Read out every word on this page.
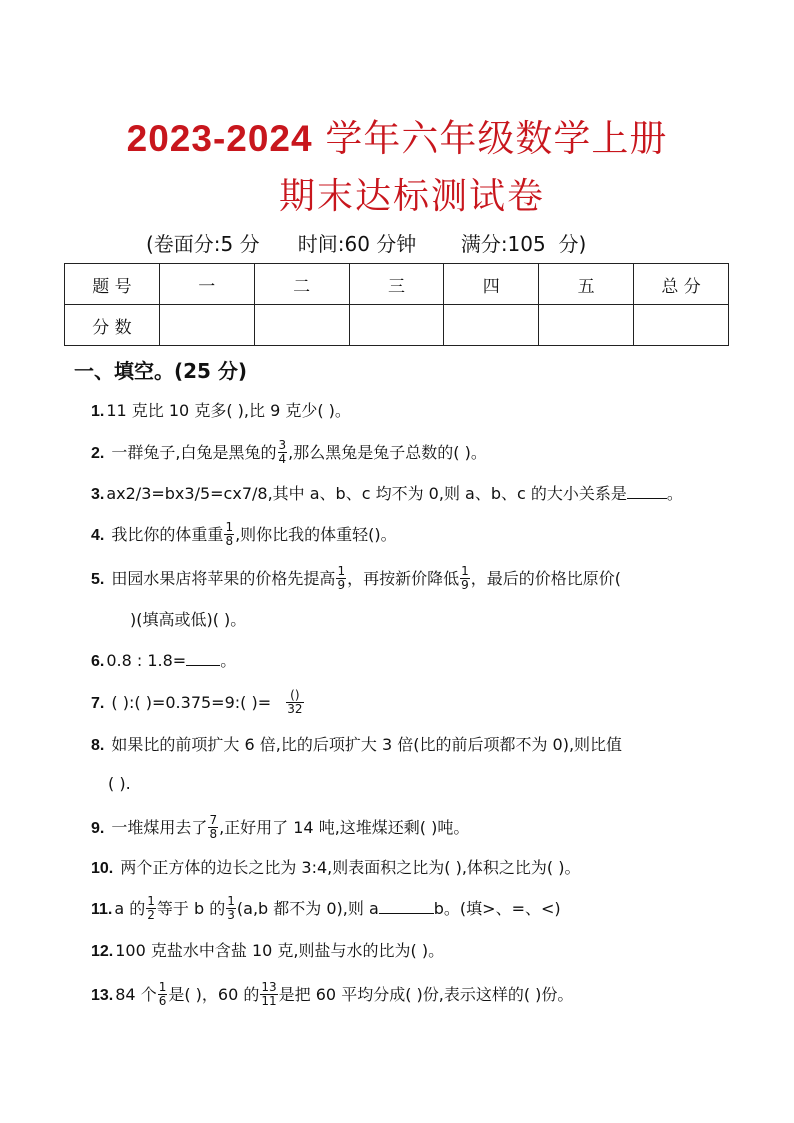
2023-2024 学年六年级数学上册
期末达标测试卷
(卷面分:5 分      时间:60 分钟       满分:105  分)
题 号	一	二	三	四	五	总 分
分 数						
一、填空。(25 分)
1. 11 克比 10 克多( ),比 9 克少( )。
2. 一群兔子,白兔是黑兔的 $\frac{3}{4}$ ,那么黑兔是兔子总数的( )。
3. ax2/3=bx3/5=cx7/8,其中 a、b、c 均不为 0,则 a、b、c 的大小关系是	。
4. 我比你的体重重 $\frac{1}{8}$ ,则你比我的体重轻()。
5. 田园水果店将苹果的价格先提高 $\frac{1}{9}$ ，再按新价降低 $\frac{1}{9}$ ，最后的价格比原价(
)(填高或低)( )。
6. 0.8 : 1.8= 。
7. ( ):( )=0.375=9:( )= $\frac{()}{32}$
8. 如果比的前项扩大 6 倍,比的后项扩大 3 倍(比的前后项都不为 0),则比值
( ).
9. 一堆煤用去了 $\frac{7}{8}$ ,正好用了 14 吨,这堆煤还剩( )吨。
10. 两个正方体的边长之比为 3:4,则表面积之比为( ),体积之比为( )。
11. a 的 $\frac{1}{2}$ 等于 b 的 $\frac{1}{3} (a,b$ 都不为 0),则 a	b。(填>、=、<)
12. 100 克盐水中含盐 10 克,则盐与水的比为( )。
13. 84 个 $\frac{1}{6}$ 是( )，60 的 $\frac{13}{11}$ 是把 60 平均分成( )份,表示这样的( )份。
